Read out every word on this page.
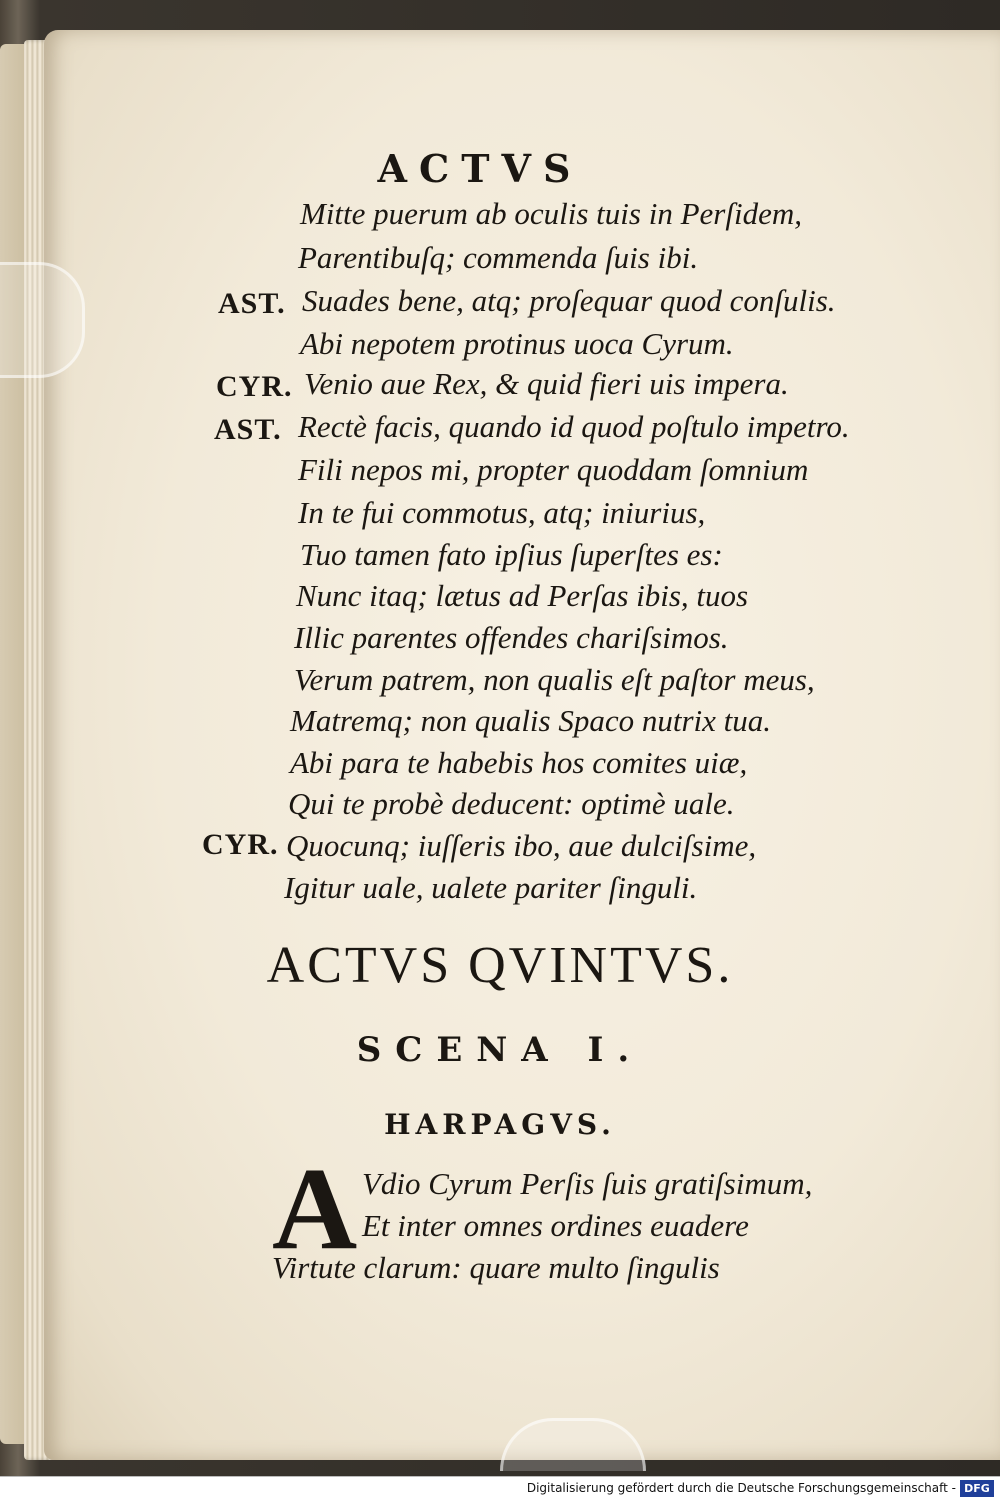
ACTVS
AST.
CYR.
AST.
CYR.
Mitte puerum ab oculis tuis in Perſidem,
Parentibuſq; commenda ſuis ibi.
Suades bene, atq; proſequar quod conſulis.
Abi nepotem protinus uoca Cyrum.
Venio aue Rex, & quid fieri uis impera.
Rectè facis, quando id quod poſtulo impetro.
Fili nepos mi, propter quoddam ſomnium
In te fui commotus, atq; iniurius,
Tuo tamen fato ipſius ſuperſtes es:
Nunc itaq; lætus ad Perſas ibis, tuos
Illic parentes offendes chariſsimos.
Verum patrem, non qualis eſt paſtor meus,
Matremq; non qualis Spaco nutrix tua.
Abi para te habebis hos comites uiæ,
Qui te probè deducent: optimè uale.
Quocunq; iuſſeris ibo, aue dulciſsime,
Igitur uale, ualete pariter ſinguli.
ACTVS QVINTVS.
SCENA I.
HARPAGVS.
A Vdio Cyrum Perſis ſuis gratiſsimum,
Et inter omnes ordines euadere
Virtute clarum: quare multo ſingulis
Digitalisierung gefördert durch die Deutsche Forschungsgemeinschaft - DFG
